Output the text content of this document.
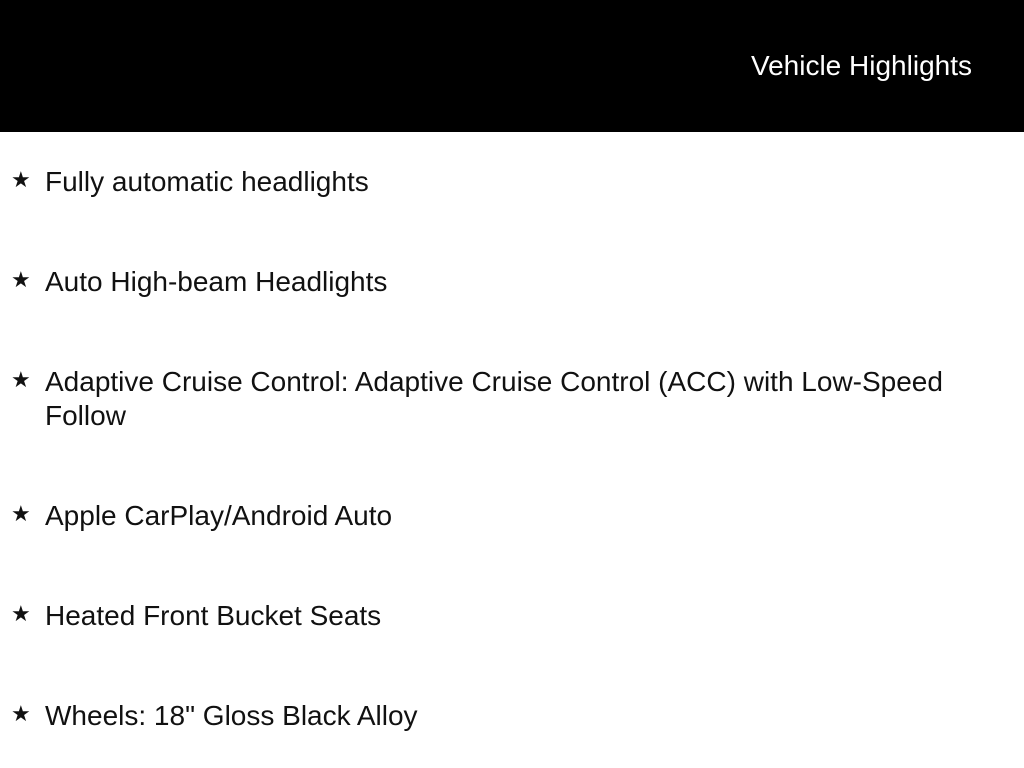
Vehicle Highlights
★ Fully automatic headlights
★ Auto High-beam Headlights
★ Adaptive Cruise Control: Adaptive Cruise Control (ACC) with Low-Speed Follow
★ Apple CarPlay/Android Auto
★ Heated Front Bucket Seats
★ Wheels: 18" Gloss Black Alloy
